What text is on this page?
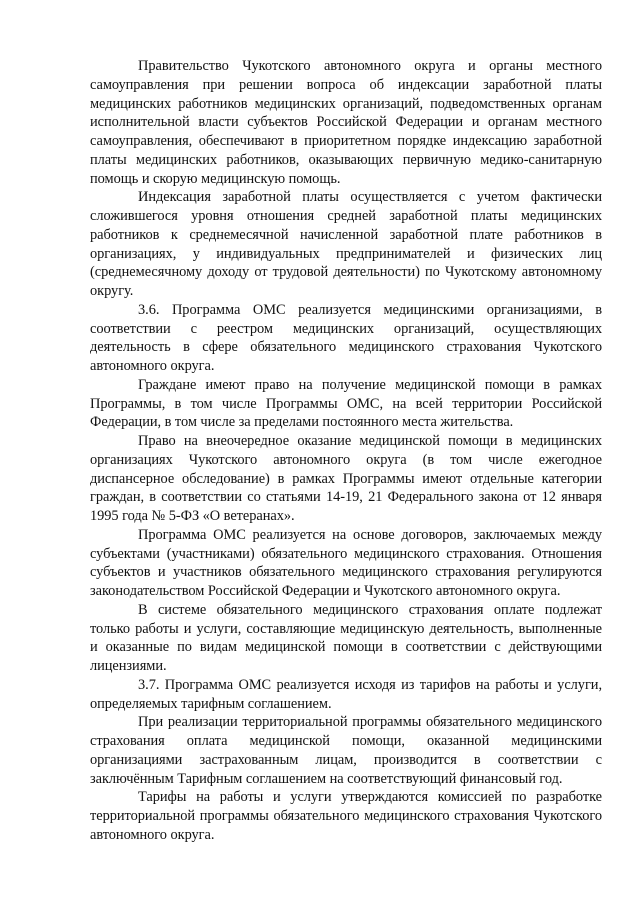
Правительство Чукотского автономного округа и органы местного самоуправления при решении вопроса об индексации заработной платы медицинских работников медицинских организаций, подведомственных органам исполнительной власти субъектов Российской Федерации и органам местного самоуправления, обеспечивают в приоритетном порядке индексацию заработной платы медицинских работников, оказывающих первичную медико-санитарную помощь и скорую медицинскую помощь.

Индексация заработной платы осуществляется с учетом фактически сложившегося уровня отношения средней заработной платы медицинских работников к среднемесячной начисленной заработной плате работников в организациях, у индивидуальных предпринимателей и физических лиц (среднемесячному доходу от трудовой деятельности) по Чукотскому автономному округу.

3.6. Программа ОМС реализуется медицинскими организациями, в соответствии с реестром медицинских организаций, осуществляющих деятельность в сфере обязательного медицинского страхования Чукотского автономного округа.

Граждане имеют право на получение медицинской помощи в рамках Программы, в том числе Программы ОМС, на всей территории Российской Федерации, в том числе за пределами постоянного места жительства.

Право на внеочередное оказание медицинской помощи в медицинских организациях Чукотского автономного округа (в том числе ежегодное диспансерное обследование) в рамках Программы имеют отдельные категории граждан, в соответствии со статьями 14-19, 21 Федерального закона от 12 января 1995 года № 5-ФЗ «О ветеранах».

Программа ОМС реализуется на основе договоров, заключаемых между субъектами (участниками) обязательного медицинского страхования. Отношения субъектов и участников обязательного медицинского страхования регулируются законодательством Российской Федерации и Чукотского автономного округа.

В системе обязательного медицинского страхования оплате подлежат только работы и услуги, составляющие медицинскую деятельность, выполненные и оказанные по видам медицинской помощи в соответствии с действующими лицензиями.

3.7. Программа ОМС реализуется исходя из тарифов на работы и услуги, определяемых тарифным соглашением.

При реализации территориальной программы обязательного медицинского страхования оплата медицинской помощи, оказанной медицинскими организациями застрахованным лицам, производится в соответствии с заключённым Тарифным соглашением на соответствующий финансовый год.

Тарифы на работы и услуги утверждаются комиссией по разработке территориальной программы обязательного медицинского страхования Чукотского автономного округа.
